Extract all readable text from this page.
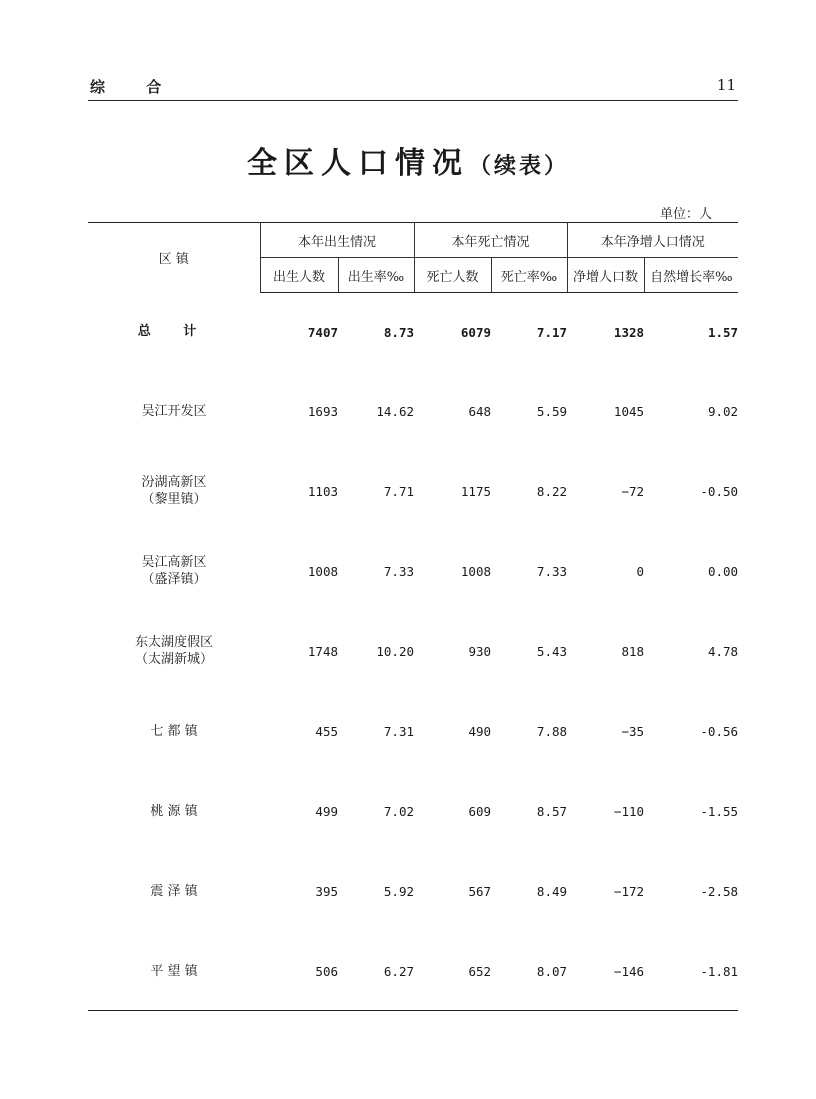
综 合	11
全区人口情况（续表）
单位：人
区 镇	本年出生情况		本年死亡情况		本年净增人口情况	
	出生人数	出生率‰	死亡人数	死亡率‰	净增人口数	自然增长率‰
总 计	7407	8.73	6079	7.17	1328	1.57
吴江开发区	1693	14.62	648	5.59	1045	9.02
汾湖高新区
（黎里镇）	1103	7.71	1175	8.22	−72	-0.50
吴江高新区
（盛泽镇）	1008	7.33	1008	7.33	0	0.00
东太湖度假区
（太湖新城）	1748	10.20	930	5.43	818	4.78
七 都 镇	455	7.31	490	7.88	−35	-0.56
桃 源 镇	499	7.02	609	8.57	−110	-1.55
震 泽 镇	395	5.92	567	8.49	−172	-2.58
平 望 镇	506	6.27	652	8.07	−146	-1.81
